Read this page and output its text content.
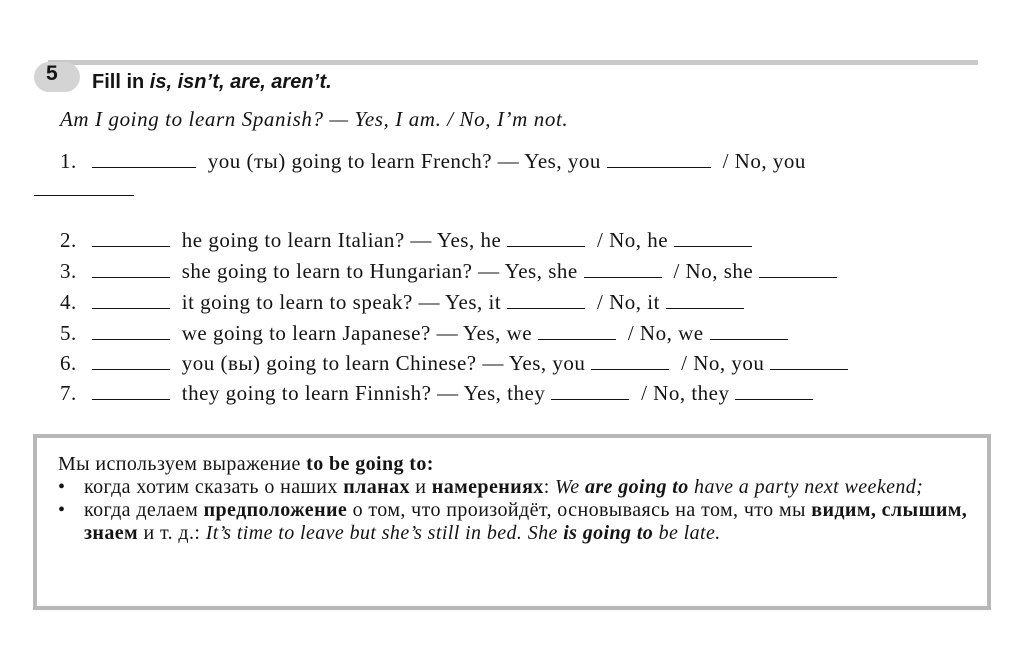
5 Fill in is, isn’t, are, aren’t.
Am I going to learn Spanish? — Yes, I am. / No, I’m not.
1.	you (ты) going to learn French? — Yes, you	/ No, you
2.	he going to learn Italian? — Yes, he	/ No, he
3.	she going to learn to Hungarian? — Yes, she	/ No, she
4.	it going to learn to speak? — Yes, it	/ No, it
5.	we going to learn Japanese? — Yes, we	/ No, we
6.	you (вы) going to learn Chinese? — Yes, you	/ No, you
7.	they going to learn Finnish? — Yes, they	/ No, they
Мы используем выражение to be going to:
• когда хотим сказать о наших планах и намерениях: We are going to have a party next weekend;
• когда делаем предположение о том, что произойдёт, основываясь на том, что мы видим, слышим, знаем и т. д.: It’s time to leave but she’s still in bed. She is going to be late.
